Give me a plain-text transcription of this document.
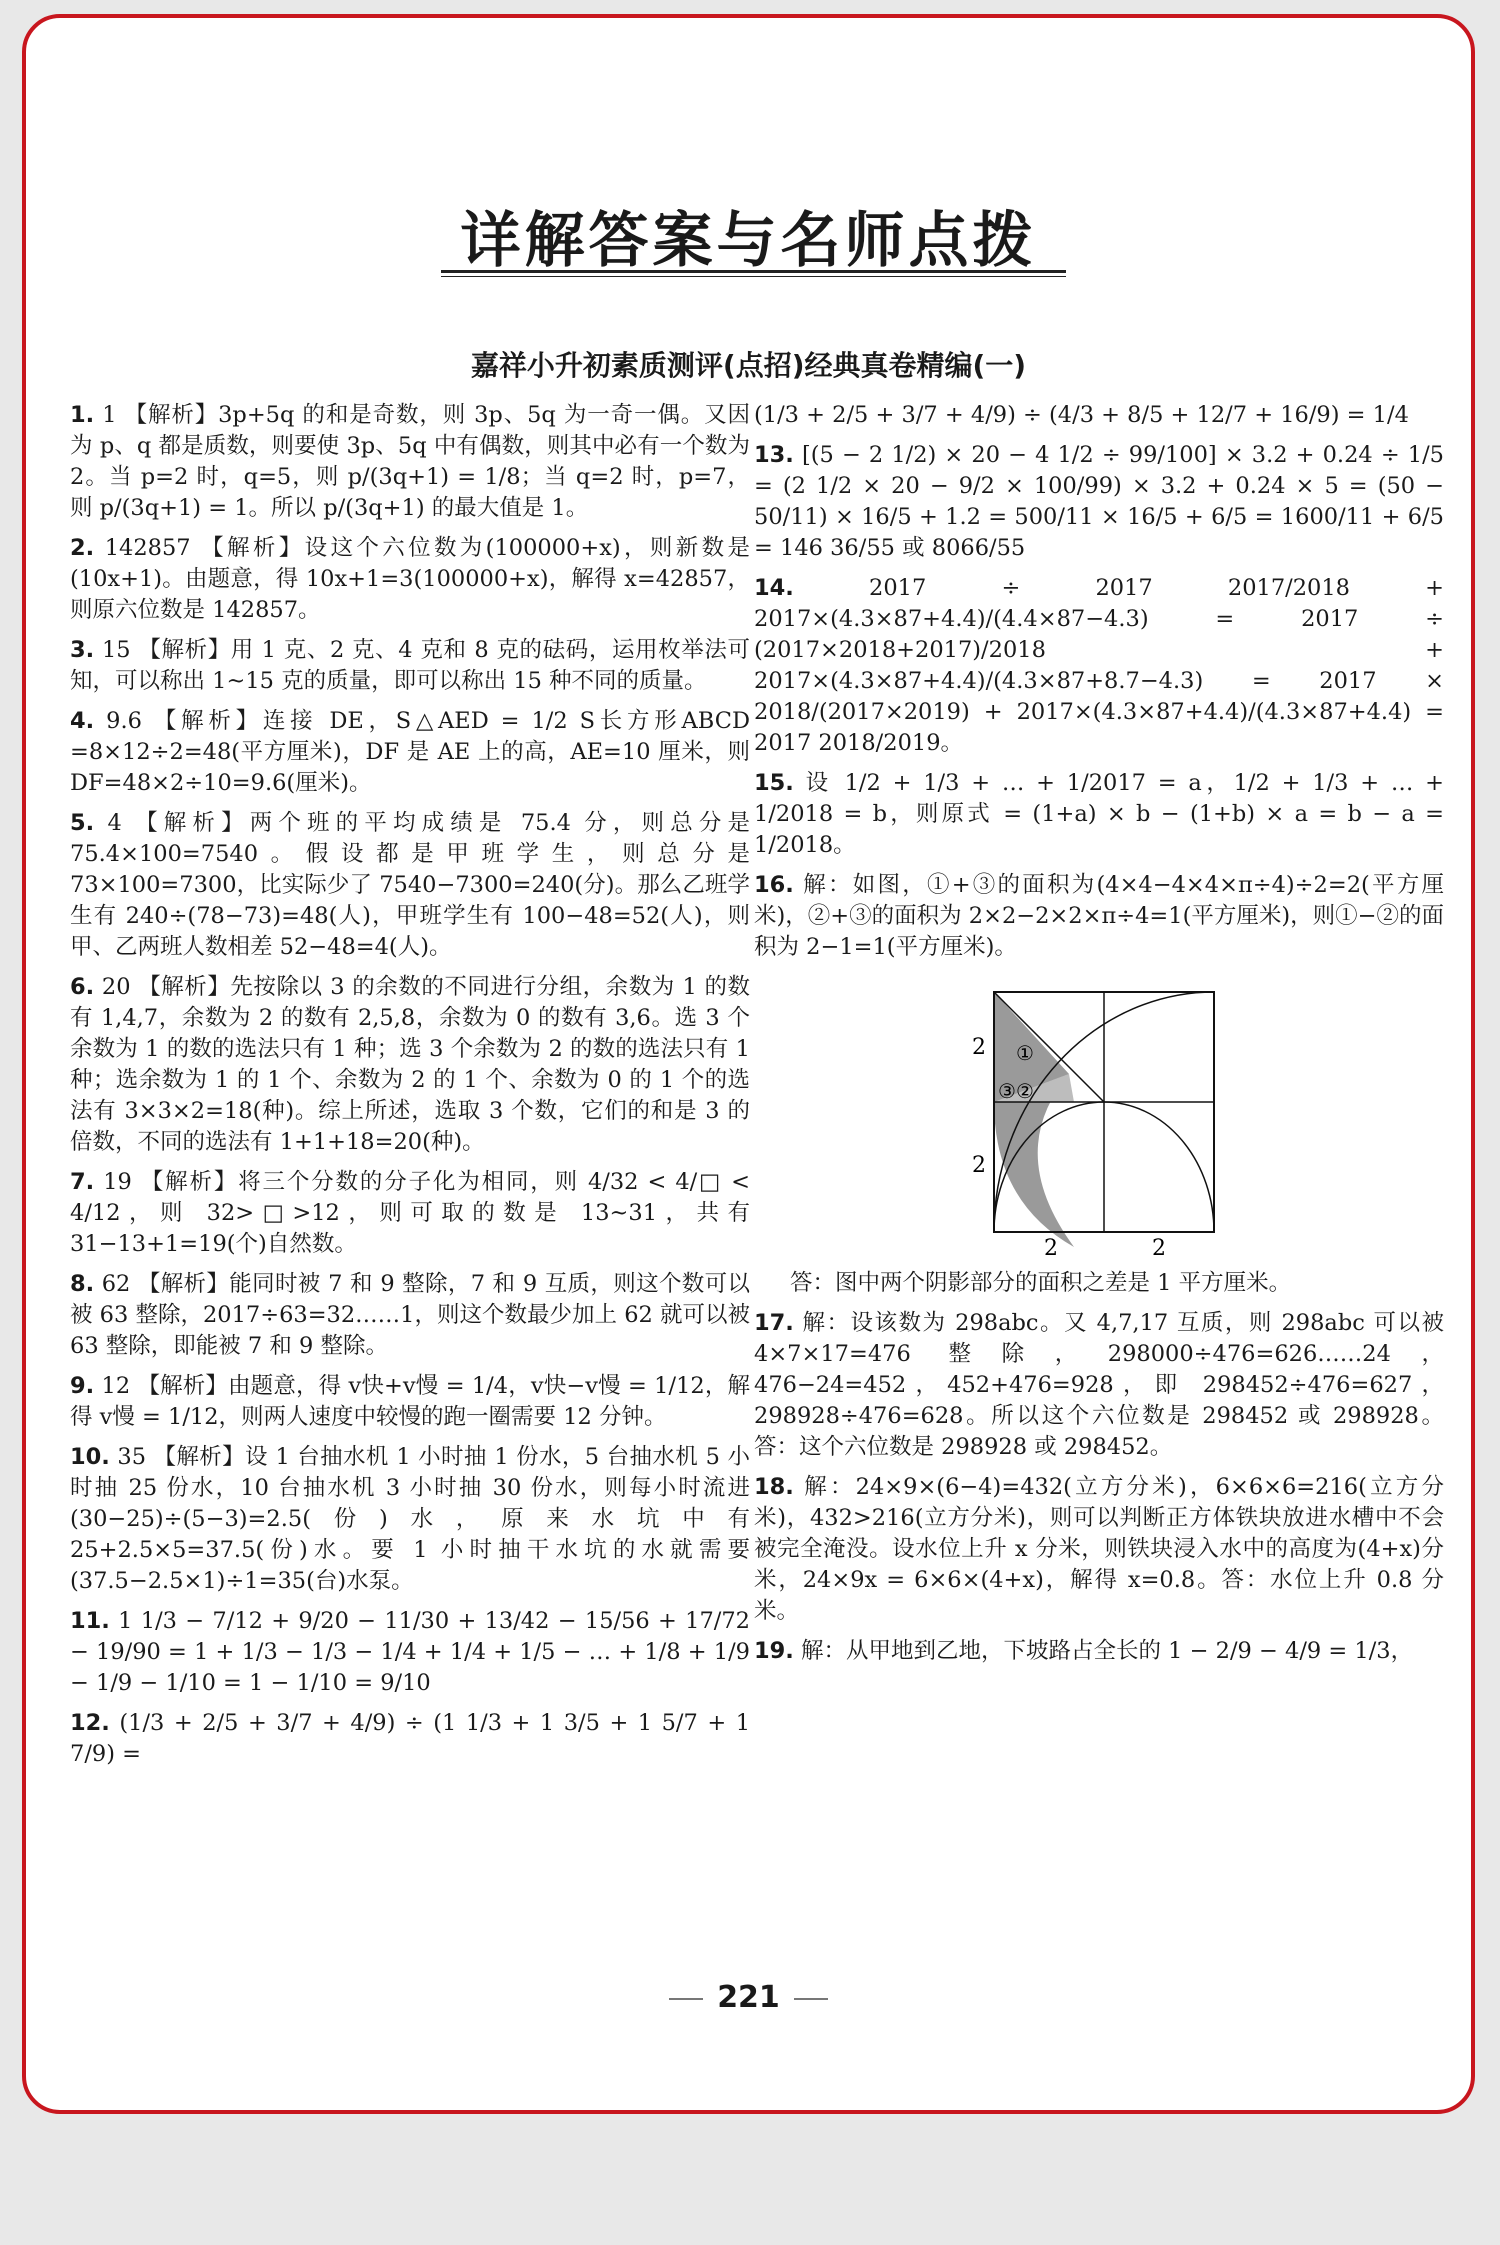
详解答案与名师点拨
嘉祥小升初素质测评(点招)经典真卷精编(一)
1. 1 【解析】3p+5q 的和是奇数，则 3p、5q 为一奇一偶。又因为 p、q 都是质数，则要使 3p、5q 中有偶数，则其中必有一个数为 2。当 p=2 时，q=5，则 p/(3q+1) = 1/8；当 q=2 时，p=7，则 p/(3q+1) = 1。所以 p/(3q+1) 的最大值是 1。
2. 142857 【解析】设这个六位数为(100000+x)，则新数是(10x+1)。由题意，得 10x+1=3(100000+x)，解得 x=42857，则原六位数是 142857。
3. 15 【解析】用 1 克、2 克、4 克和 8 克的砝码，运用枚举法可知，可以称出 1~15 克的质量，即可以称出 15 种不同的质量。
4. 9.6 【解析】连接 DE，S△AED = 1/2 S长方形ABCD =8×12÷2=48(平方厘米)，DF 是 AE 上的高，AE=10 厘米，则 DF=48×2÷10=9.6(厘米)。
5. 4 【解析】两个班的平均成绩是 75.4 分，则总分是 75.4×100=7540。假设都是甲班学生，则总分是 73×100=7300，比实际少了 7540−7300=240(分)。那么乙班学生有 240÷(78−73)=48(人)，甲班学生有 100−48=52(人)，则甲、乙两班人数相差 52−48=4(人)。
6. 20 【解析】先按除以 3 的余数的不同进行分组，余数为 1 的数有 1,4,7，余数为 2 的数有 2,5,8，余数为 0 的数有 3,6。选 3 个余数为 1 的数的选法只有 1 种；选 3 个余数为 2 的数的选法只有 1 种；选余数为 1 的 1 个、余数为 2 的 1 个、余数为 0 的 1 个的选法有 3×3×2=18(种)。综上所述，选取 3 个数，它们的和是 3 的倍数，不同的选法有 1+1+18=20(种)。
7. 19 【解析】将三个分数的分子化为相同，则 4/32 < 4/□ < 4/12，则 32>□>12，则可取的数是 13~31，共有 31−13+1=19(个)自然数。
8. 62 【解析】能同时被 7 和 9 整除，7 和 9 互质，则这个数可以被 63 整除，2017÷63=32……1，则这个数最少加上 62 就可以被 63 整除，即能被 7 和 9 整除。
9. 12 【解析】由题意，得 v快+v慢 = 1/4，v快−v慢 = 1/12，解得 v慢 = 1/12，则两人速度中较慢的跑一圈需要 12 分钟。
10. 35 【解析】设 1 台抽水机 1 小时抽 1 份水，5 台抽水机 5 小时抽 25 份水，10 台抽水机 3 小时抽 30 份水，则每小时流进(30−25)÷(5−3)=2.5(份)水，原来水坑中有 25+2.5×5=37.5(份)水。要 1 小时抽干水坑的水就需要(37.5−2.5×1)÷1=35(台)水泵。
11. 1 1/3 − 7/12 + 9/20 − 11/30 + 13/42 − 15/56 + 17/72 − 19/90 = 1 + 1/3 − 1/3 − 1/4 + 1/4 + 1/5 − … + 1/8 + 1/9 − 1/9 − 1/10 = 1 − 1/10 = 9/10
12. (1/3 + 2/5 + 3/7 + 4/9) ÷ (1 1/3 + 1 3/5 + 1 5/7 + 1 7/9) =
(1/3 + 2/5 + 3/7 + 4/9) ÷ (4/3 + 8/5 + 12/7 + 16/9) = 1/4
13. [(5 − 2 1/2) × 20 − 4 1/2 ÷ 99/100] × 3.2 + 0.24 ÷ 1/5 = (2 1/2 × 20 − 9/2 × 100/99) × 3.2 + 0.24 × 5 = (50 − 50/11) × 16/5 + 1.2 = 500/11 × 16/5 + 6/5 = 1600/11 + 6/5 = 146 36/55 或 8066/55
14.	2017 ÷ 2017 2017/2018 + 2017×(4.3×87+4.4)/(4.4×87−4.3) = 2017 ÷ (2017×2018+2017)/2018 + 2017×(4.3×87+4.4)/(4.3×87+8.7−4.3) = 2017 × 2018/(2017×2019) + 2017×(4.3×87+4.4)/(4.3×87+4.4) = 2017 2018/2019。
15. 设 1/2 + 1/3 + … + 1/2017 = a，1/2 + 1/3 + … + 1/2018 = b，则原式 = (1+a) × b − (1+b) × a = b − a = 1/2018。
16. 解：如图，①+③的面积为(4×4−4×4×π÷4)÷2=2(平方厘米)，②+③的面积为 2×2−2×2×π÷4=1(平方厘米)，则①−②的面积为 2−1=1(平方厘米)。
①
②
③
2
2
2	2
答：图中两个阴影部分的面积之差是 1 平方厘米。
17. 解：设该数为 298abc。又 4,7,17 互质，则 298abc 可以被 4×7×17=476 整除，298000÷476=626……24，476−24=452，452+476=928，即 298452÷476=627，298928÷476=628。所以这个六位数是 298452 或 298928。答：这个六位数是 298928 或 298452。
18. 解：24×9×(6−4)=432(立方分米)，6×6×6=216(立方分米)，432>216(立方分米)，则可以判断正方体铁块放进水槽中不会被完全淹没。设水位上升 x 分米，则铁块浸入水中的高度为(4+x)分米，24×9x = 6×6×(4+x)，解得 x=0.8。答：水位上升 0.8 分米。
19. 解：从甲地到乙地，下坡路占全长的 1 − 2/9 − 4/9 = 1/3，
221
